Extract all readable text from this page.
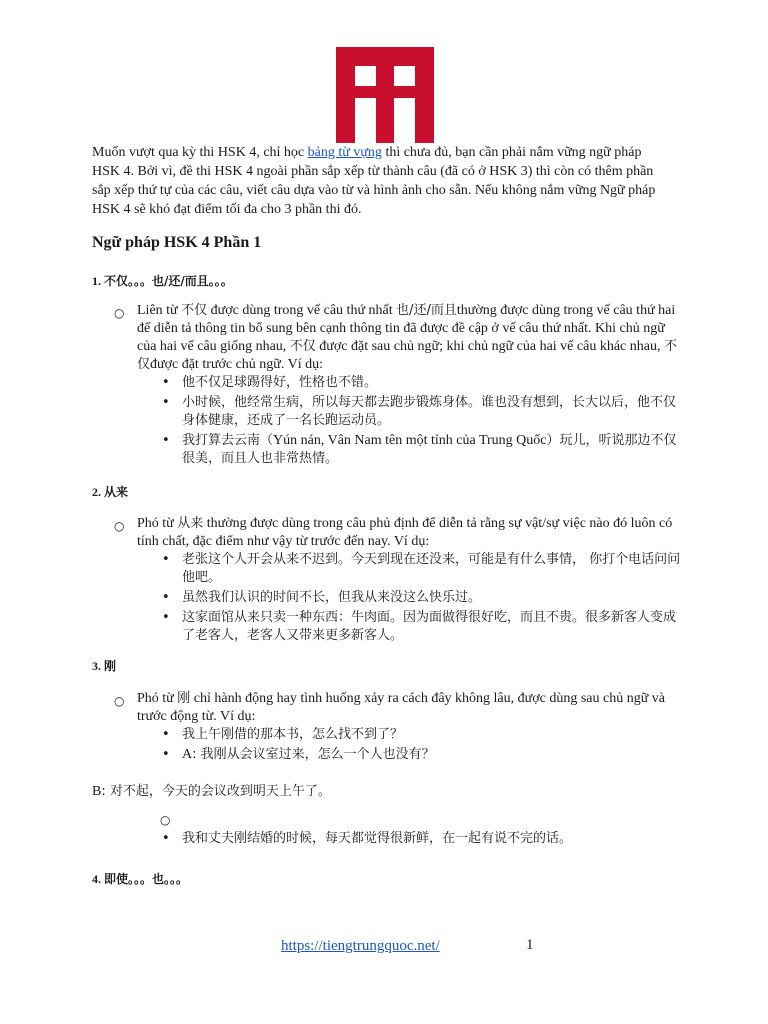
Muốn vượt qua kỳ thi HSK 4, chỉ học bảng từ vựng thì chưa đủ, bạn cần phải nắm vững ngữ pháp HSK 4. Bởi vì, đề thi HSK 4 ngoài phần sắp xếp từ thành câu (đã có ở HSK 3) thì còn có thêm phần sắp xếp thứ tự của các câu, viết câu dựa vào từ và hình ảnh cho sẵn. Nếu không nắm vững Ngữ pháp HSK 4 sẽ khó đạt điểm tối đa cho 3 phần thi đó.
Ngữ pháp HSK 4 Phần 1
1. 不仅。。。也/还/而且。。。
○ Liên từ 不仅 được dùng trong vế câu thứ nhất 也/还/而且thường được dùng trong vế câu thứ hai để diễn tả thông tin bổ sung bên cạnh thông tin đã được đề cập ở vế câu thứ nhất. Khi chủ ngữ của hai vế câu giống nhau, 不仅 được đặt sau chủ ngữ; khi chủ ngữ của hai vế câu khác nhau, 不仅được đặt trước chủ ngữ. Ví dụ:
• 他不仅足球踢得好，性格也不错。
• 小时候，他经常生病，所以每天都去跑步锻炼身体。谁也没有想到，长大以后，他不仅身体健康，还成了一名长跑运动员。
• 我打算去云南（Yún nán, Vân Nam tên một tỉnh của Trung Quốc）玩儿，听说那边不仅很美，而且人也非常热情。
2. 从来
○ Phó từ 从来 thường được dùng trong câu phủ định để diễn tả rằng sự vật/sự việc nào đó luôn có tính chất, đặc điểm như vậy từ trước đến nay. Ví dụ:
• 老张这个人开会从来不迟到。今天到现在还没来，可能是有什么事情， 你打个电话问问他吧。
• 虽然我们认识的时间不长，但我从来没这么快乐过。
• 这家面馆从来只卖一种东西：牛肉面。因为面做得很好吃，而且不贵。很多新客人变成了老客人，老客人又带来更多新客人。
3. 刚
○ Phó từ 刚 chỉ hành động hay tình huống xảy ra cách đây không lâu, được dùng sau chủ ngữ và trước động từ. Ví dụ:
• 我上午刚借的那本书，怎么找不到了？
• A: 我刚从会议室过来，怎么一个人也没有？
B: 对不起，今天的会议改到明天上午了。
○
• 我和丈夫刚结婚的时候，每天都觉得很新鲜，在一起有说不完的话。
4. 即使。。。也。。。
https://tiengtrungquoc.net/	1
